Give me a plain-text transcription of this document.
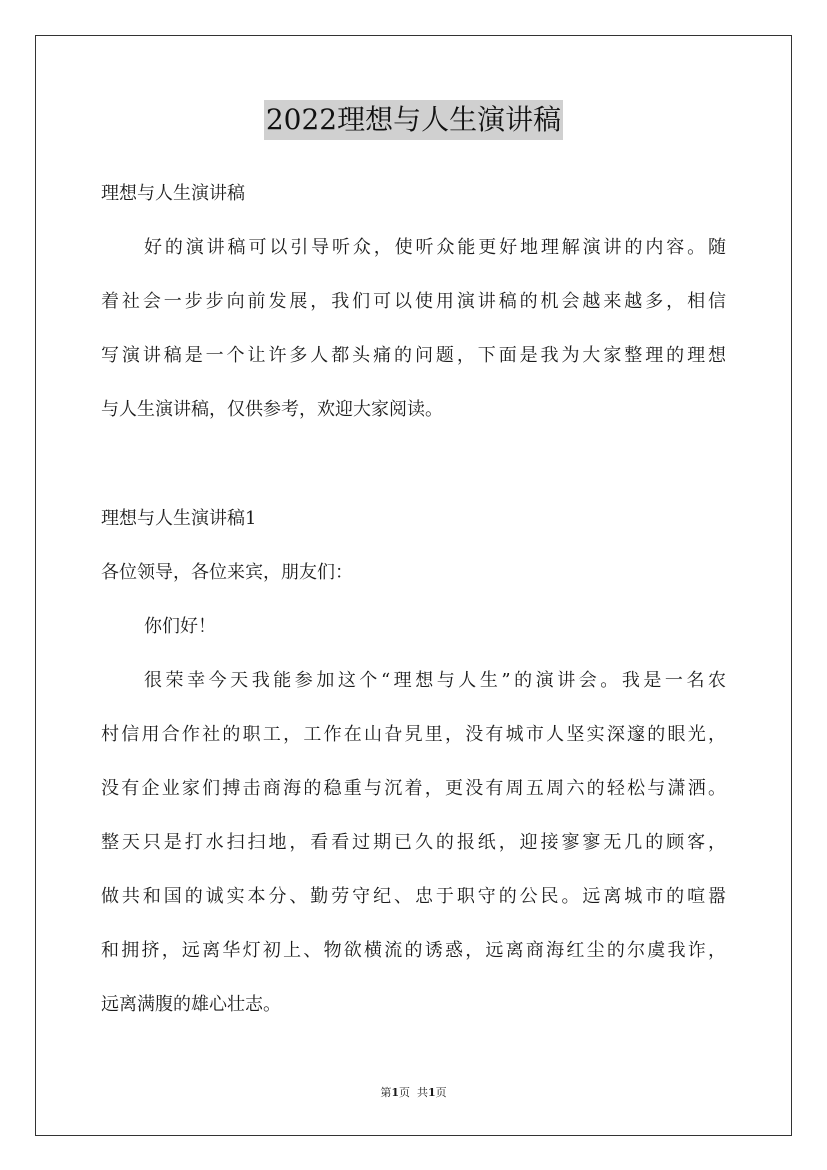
2022理想与人生演讲稿
理想与人生演讲稿
好的演讲稿可以引导听众，使听众能更好地理解演讲的内容。随
着社会一步步向前发展，我们可以使用演讲稿的机会越来越多，相信
写演讲稿是一个让许多人都头痛的问题，下面是我为大家整理的理想
与人生演讲稿，仅供参考，欢迎大家阅读。
理想与人生演讲稿1
各位领导，各位来宾，朋友们：
你们好！
很荣幸今天我能参加这个“理想与人生”的演讲会。我是一名农
村信用合作社的职工，工作在山旮旯里，没有城市人坚实深邃的眼光，
没有企业家们搏击商海的稳重与沉着，更没有周五周六的轻松与潇洒。
整天只是打水扫扫地，看看过期已久的报纸，迎接寥寥无几的顾客，
做共和国的诚实本分、勤劳守纪、忠于职守的公民。远离城市的喧嚣
和拥挤，远离华灯初上、物欲横流的诱惑，远离商海红尘的尔虞我诈，
远离满腹的雄心壮志。
第1页 共1页
